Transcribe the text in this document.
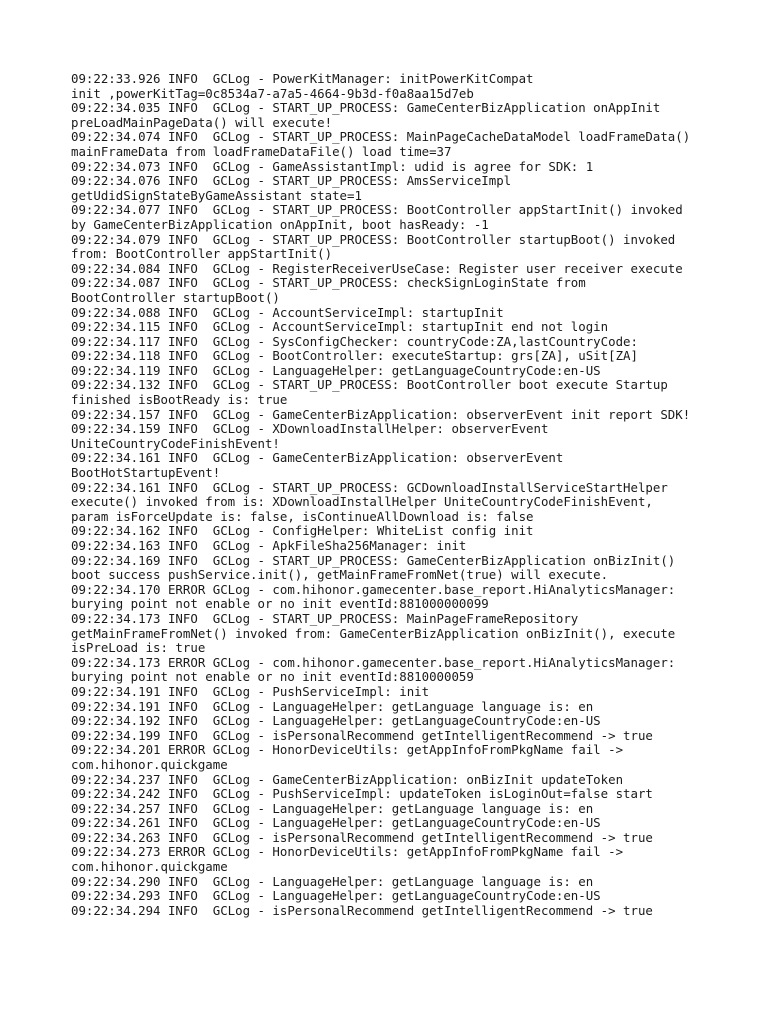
09:22:33.926 INFO  GCLog - PowerKitManager: initPowerKitCompat
init ,powerKitTag=0c8534a7-a7a5-4664-9b3d-f0a8aa15d7eb
09:22:34.035 INFO  GCLog - START_UP_PROCESS: GameCenterBizApplication onAppInit
preLoadMainPageData() will execute!
09:22:34.074 INFO  GCLog - START_UP_PROCESS: MainPageCacheDataModel loadFrameData()
mainFrameData from loadFrameDataFile() load time=37
09:22:34.073 INFO  GCLog - GameAssistantImpl: udid is agree for SDK: 1
09:22:34.076 INFO  GCLog - START_UP_PROCESS: AmsServiceImpl
getUdidSignStateByGameAssistant state=1
09:22:34.077 INFO  GCLog - START_UP_PROCESS: BootController appStartInit() invoked
by GameCenterBizApplication onAppInit, boot hasReady: -1
09:22:34.079 INFO  GCLog - START_UP_PROCESS: BootController startupBoot() invoked
from: BootController appStartInit()
09:22:34.084 INFO  GCLog - RegisterReceiverUseCase: Register user receiver execute
09:22:34.087 INFO  GCLog - START_UP_PROCESS: checkSignLoginState from
BootController startupBoot()
09:22:34.088 INFO  GCLog - AccountServiceImpl: startupInit
09:22:34.115 INFO  GCLog - AccountServiceImpl: startupInit end not login
09:22:34.117 INFO  GCLog - SysConfigChecker: countryCode:ZA,lastCountryCode:
09:22:34.118 INFO  GCLog - BootController: executeStartup: grs[ZA], uSit[ZA]
09:22:34.119 INFO  GCLog - LanguageHelper: getLanguageCountryCode:en-US
09:22:34.132 INFO  GCLog - START_UP_PROCESS: BootController boot execute Startup
finished isBootReady is: true
09:22:34.157 INFO  GCLog - GameCenterBizApplication: observerEvent init report SDK!
09:22:34.159 INFO  GCLog - XDownloadInstallHelper: observerEvent
UniteCountryCodeFinishEvent!
09:22:34.161 INFO  GCLog - GameCenterBizApplication: observerEvent
BootHotStartupEvent!
09:22:34.161 INFO  GCLog - START_UP_PROCESS: GCDownloadInstallServiceStartHelper
execute() invoked from is: XDownloadInstallHelper UniteCountryCodeFinishEvent,
param isForceUpdate is: false, isContinueAllDownload is: false
09:22:34.162 INFO  GCLog - ConfigHelper: WhiteList config init
09:22:34.163 INFO  GCLog - ApkFileSha256Manager: init
09:22:34.169 INFO  GCLog - START_UP_PROCESS: GameCenterBizApplication onBizInit()
boot success pushService.init(), getMainFrameFromNet(true) will execute.
09:22:34.170 ERROR GCLog - com.hihonor.gamecenter.base_report.HiAnalyticsManager:
burying point not enable or no init eventId:881000000099
09:22:34.173 INFO  GCLog - START_UP_PROCESS: MainPageFrameRepository
getMainFrameFromNet() invoked from: GameCenterBizApplication onBizInit(), execute
isPreLoad is: true
09:22:34.173 ERROR GCLog - com.hihonor.gamecenter.base_report.HiAnalyticsManager:
burying point not enable or no init eventId:8810000059
09:22:34.191 INFO  GCLog - PushServiceImpl: init
09:22:34.191 INFO  GCLog - LanguageHelper: getLanguage language is: en
09:22:34.192 INFO  GCLog - LanguageHelper: getLanguageCountryCode:en-US
09:22:34.199 INFO  GCLog - isPersonalRecommend getIntelligentRecommend -> true
09:22:34.201 ERROR GCLog - HonorDeviceUtils: getAppInfoFromPkgName fail ->
com.hihonor.quickgame
09:22:34.237 INFO  GCLog - GameCenterBizApplication: onBizInit updateToken
09:22:34.242 INFO  GCLog - PushServiceImpl: updateToken isLoginOut=false start
09:22:34.257 INFO  GCLog - LanguageHelper: getLanguage language is: en
09:22:34.261 INFO  GCLog - LanguageHelper: getLanguageCountryCode:en-US
09:22:34.263 INFO  GCLog - isPersonalRecommend getIntelligentRecommend -> true
09:22:34.273 ERROR GCLog - HonorDeviceUtils: getAppInfoFromPkgName fail ->
com.hihonor.quickgame
09:22:34.290 INFO  GCLog - LanguageHelper: getLanguage language is: en
09:22:34.293 INFO  GCLog - LanguageHelper: getLanguageCountryCode:en-US
09:22:34.294 INFO  GCLog - isPersonalRecommend getIntelligentRecommend -> true
